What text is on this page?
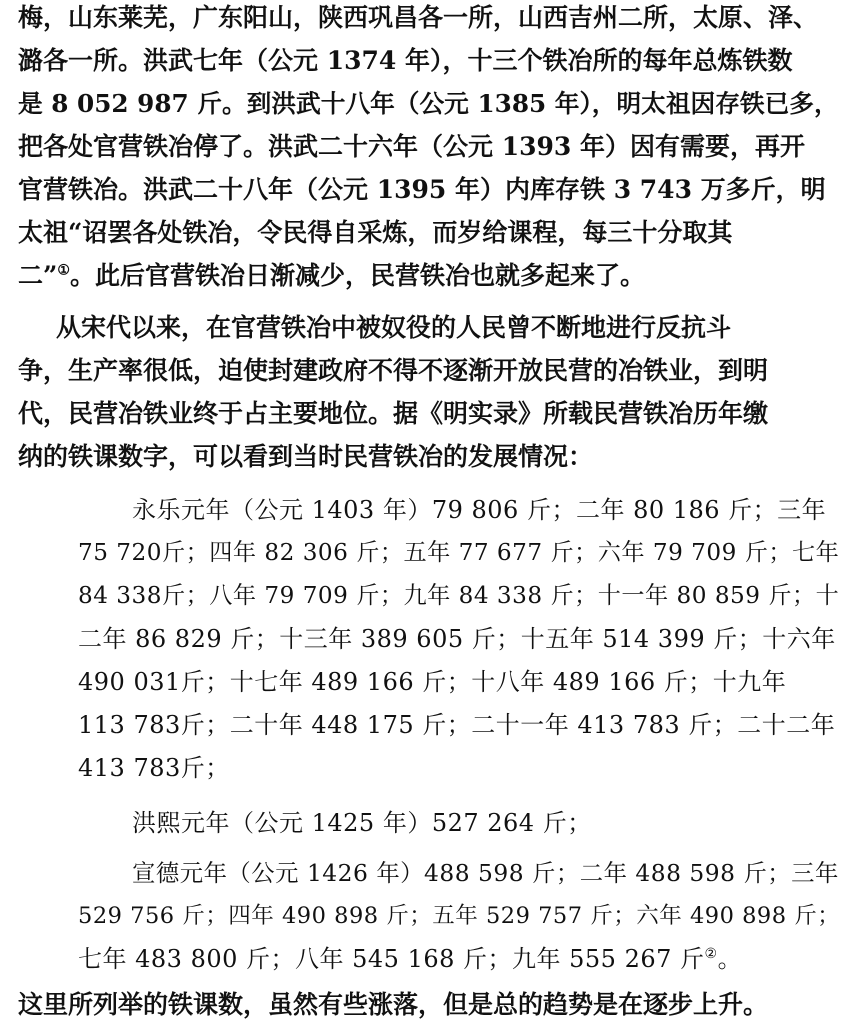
梅，山东莱芜，广东阳山，陕西巩昌各一所，山西吉州二所，太原、泽、
潞各一所。洪武七年（公元 1374 年），十三个铁冶所的每年总炼铁数
是 8 052 987 斤。到洪武十八年（公元 1385 年），明太祖因存铁已多，
把各处官营铁冶停了。洪武二十六年（公元 1393 年）因有需要，再开
官营铁冶。洪武二十八年（公元 1395 年）内库存铁 3 743 万多斤，明
太祖“诏罢各处铁冶，令民得自采炼，而岁给课程，每三十分取其
二”①。此后官营铁冶日渐减少，民营铁冶也就多起来了。
从宋代以来，在官营铁冶中被奴役的人民曾不断地进行反抗斗
争，生产率很低，迫使封建政府不得不逐渐开放民营的冶铁业，到明
代，民营冶铁业终于占主要地位。据《明实录》所载民营铁冶历年缴
纳的铁课数字，可以看到当时民营铁冶的发展情况：
永乐元年（公元 1403 年）79 806 斤；二年 80 186 斤；三年
75 720斤；四年 82 306 斤；五年 77 677 斤；六年 79 709 斤；七年
84 338斤；八年 79 709 斤；九年 84 338 斤；十一年 80 859 斤；十
二年 86 829 斤；十三年 389 605 斤；十五年 514 399 斤；十六年
490 031斤；十七年 489 166 斤；十八年 489 166 斤；十九年
113 783斤；二十年 448 175 斤；二十一年 413 783 斤；二十二年
413 783斤；
洪熙元年（公元 1425 年）527 264 斤；
宣德元年（公元 1426 年）488 598 斤；二年 488 598 斤；三年
529 756 斤；四年 490 898 斤；五年 529 757 斤；六年 490 898 斤；
七年 483 800 斤；八年 545 168 斤；九年 555 267 斤②。
这里所列举的铁课数，虽然有些涨落，但是总的趋势是在逐步上升。
